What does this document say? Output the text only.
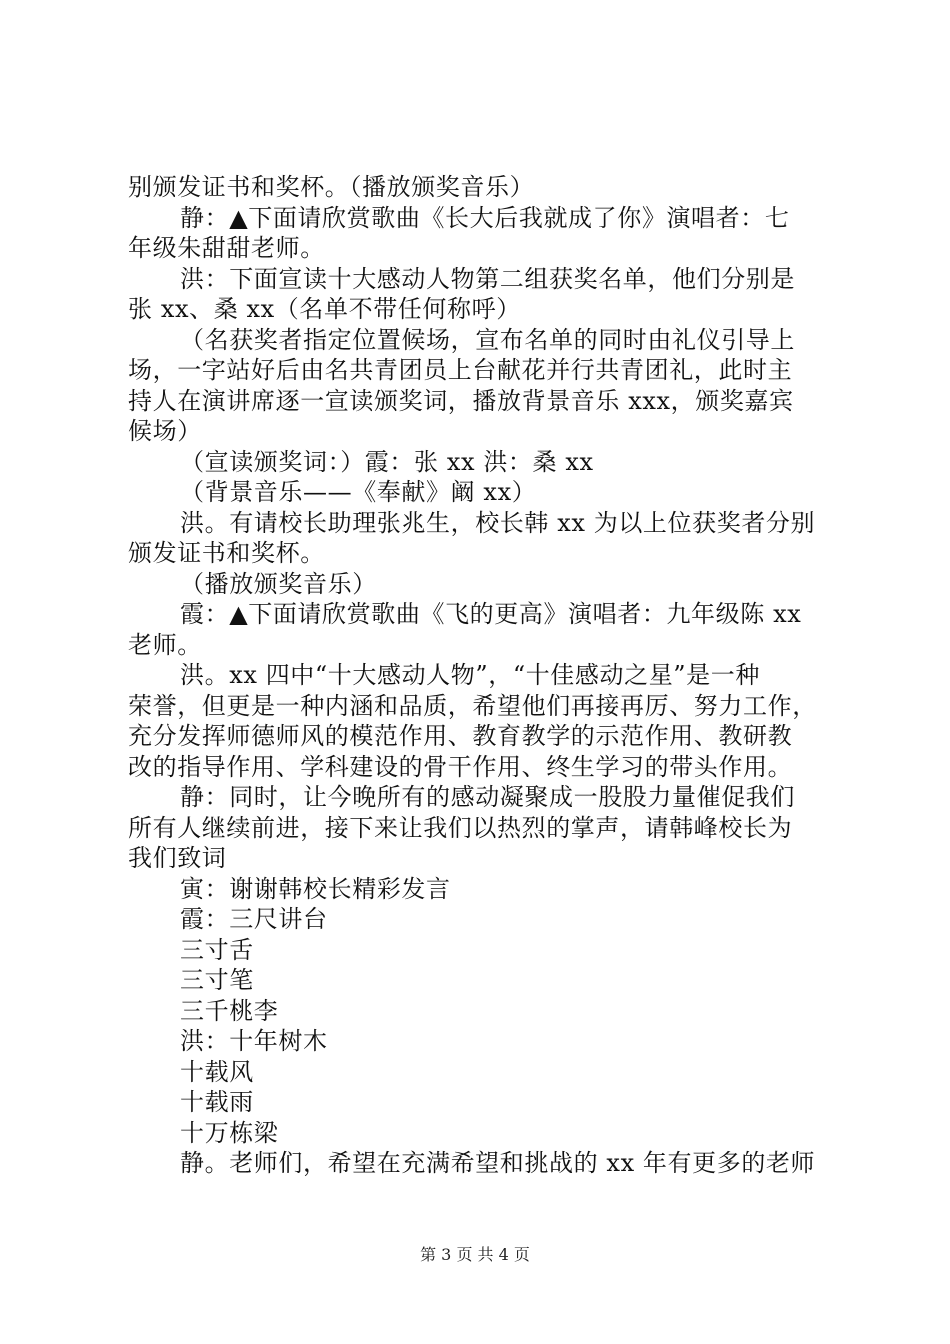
别颁发证书和奖杯。（播放颁奖音乐）
静：▲下面请欣赏歌曲《长大后我就成了你》演唱者：七
年级朱甜甜老师。
洪：下面宣读十大感动人物第二组获奖名单，他们分别是
张 xx、桑 xx（名单不带任何称呼）
（名获奖者指定位置候场，宣布名单的同时由礼仪引导上
场，一字站好后由名共青团员上台献花并行共青团礼，此时主
持人在演讲席逐一宣读颁奖词，播放背景音乐 xxx，颁奖嘉宾
候场）
（宣读颁奖词：）霞：张 xx 洪：桑 xx
（背景音乐——《奉献》阚 xx）
洪。有请校长助理张兆生，校长韩 xx 为以上位获奖者分别
颁发证书和奖杯。
（播放颁奖音乐）
霞：▲下面请欣赏歌曲《飞的更高》演唱者：九年级陈 xx
老师。
洪。xx 四中“十大感动人物”，“十佳感动之星”是一种
荣誉，但更是一种内涵和品质，希望他们再接再厉、努力工作，
充分发挥师德师风的模范作用、教育教学的示范作用、教研教
改的指导作用、学科建设的骨干作用、终生学习的带头作用。
静：同时，让今晚所有的感动凝聚成一股股力量催促我们
所有人继续前进，接下来让我们以热烈的掌声，请韩峰校长为
我们致词
寅：谢谢韩校长精彩发言
霞：三尺讲台
三寸舌
三寸笔
三千桃李
洪：十年树木
十载风
十载雨
十万栋梁
静。老师们，希望在充满希望和挑战的 xx 年有更多的老师
第 3 页 共 4 页
